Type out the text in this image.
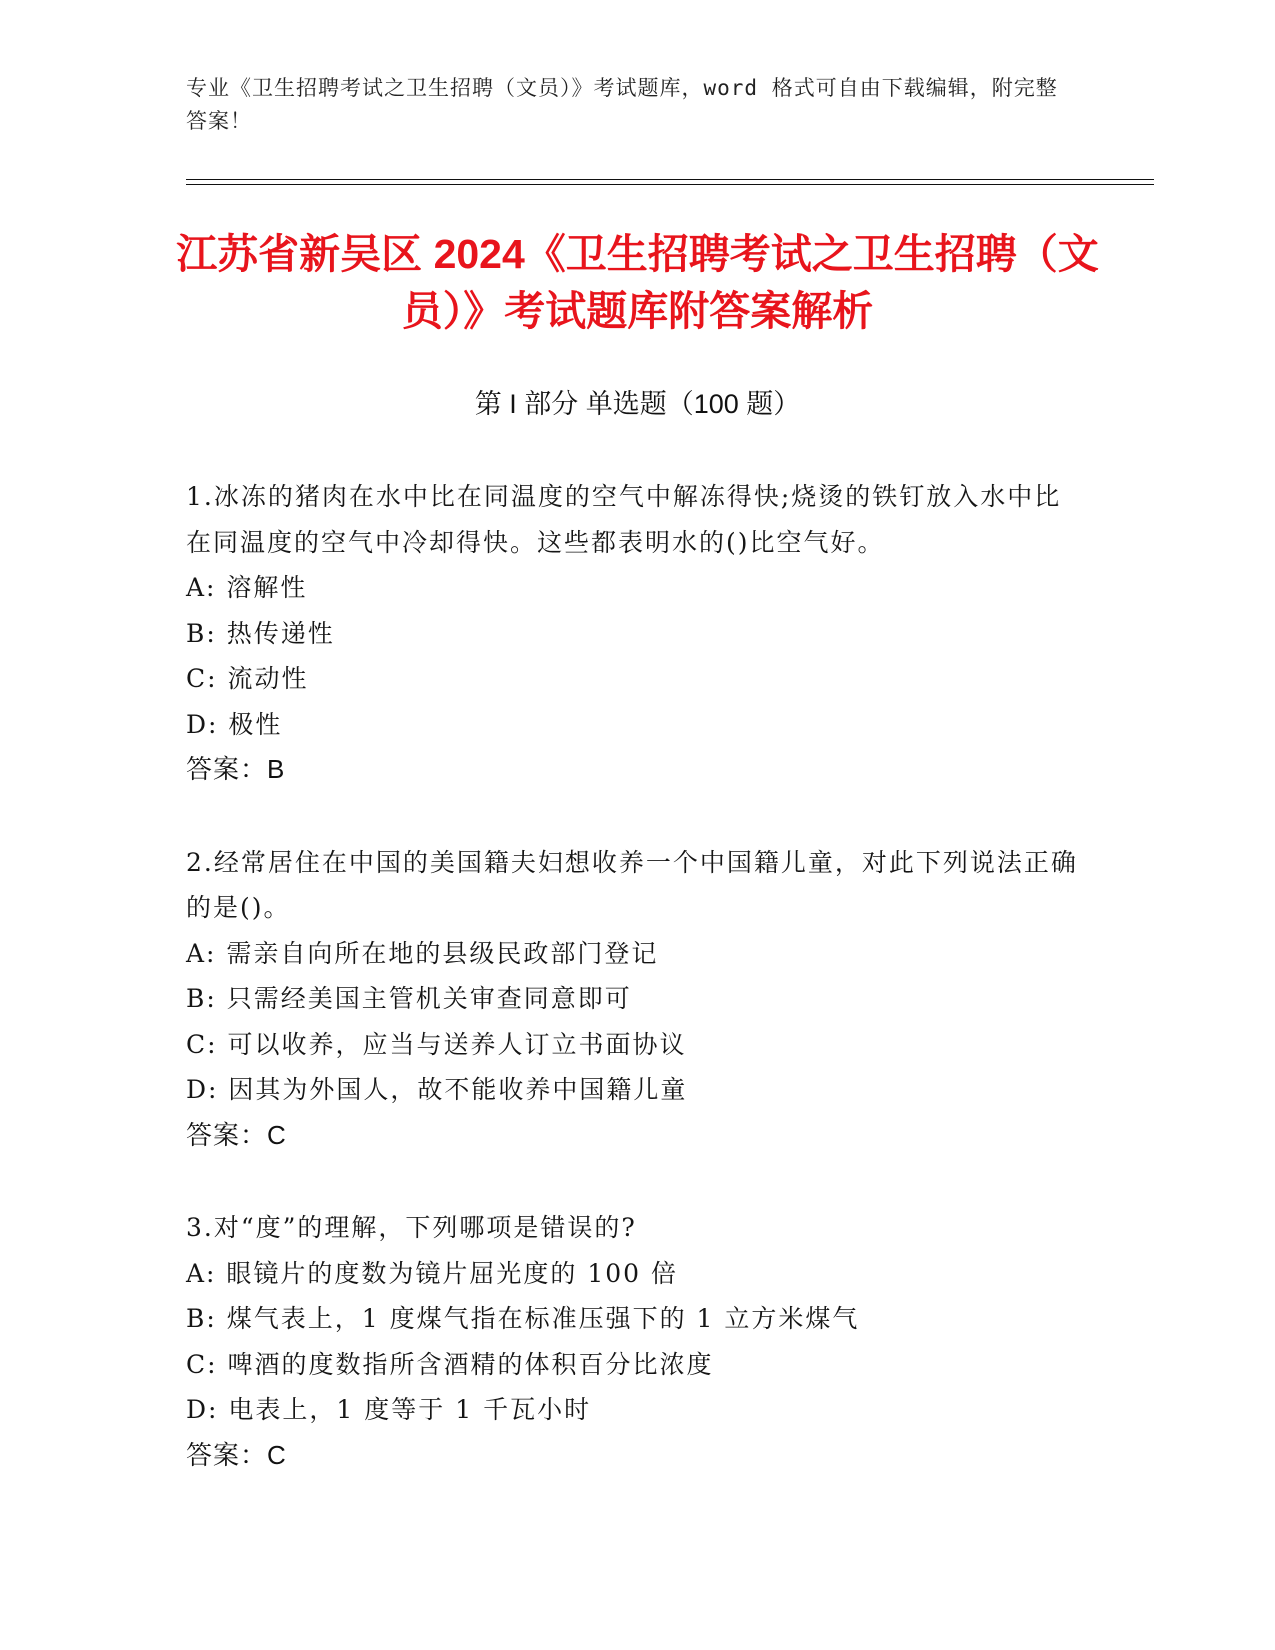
专业《卫生招聘考试之卫生招聘（文员）》考试题库，word 格式可自由下载编辑，附完整答案！
江苏省新吴区 2024《卫生招聘考试之卫生招聘（文员）》考试题库附答案解析
第 I 部分 单选题（100 题）
1.冰冻的猪肉在水中比在同温度的空气中解冻得快;烧烫的铁钉放入水中比在同温度的空气中冷却得快。这些都表明水的()比空气好。
A: 溶解性
B: 热传递性
C: 流动性
D: 极性
答案：B
2.经常居住在中国的美国籍夫妇想收养一个中国籍儿童，对此下列说法正确的是()。
A: 需亲自向所在地的县级民政部门登记
B: 只需经美国主管机关审查同意即可
C: 可以收养，应当与送养人订立书面协议
D: 因其为外国人，故不能收养中国籍儿童
答案：C
3.对“度”的理解，下列哪项是错误的?
A: 眼镜片的度数为镜片屈光度的 100 倍
B: 煤气表上，1 度煤气指在标准压强下的 1 立方米煤气
C: 啤酒的度数指所含酒精的体积百分比浓度
D: 电表上，1 度等于 1 千瓦小时
答案：C
